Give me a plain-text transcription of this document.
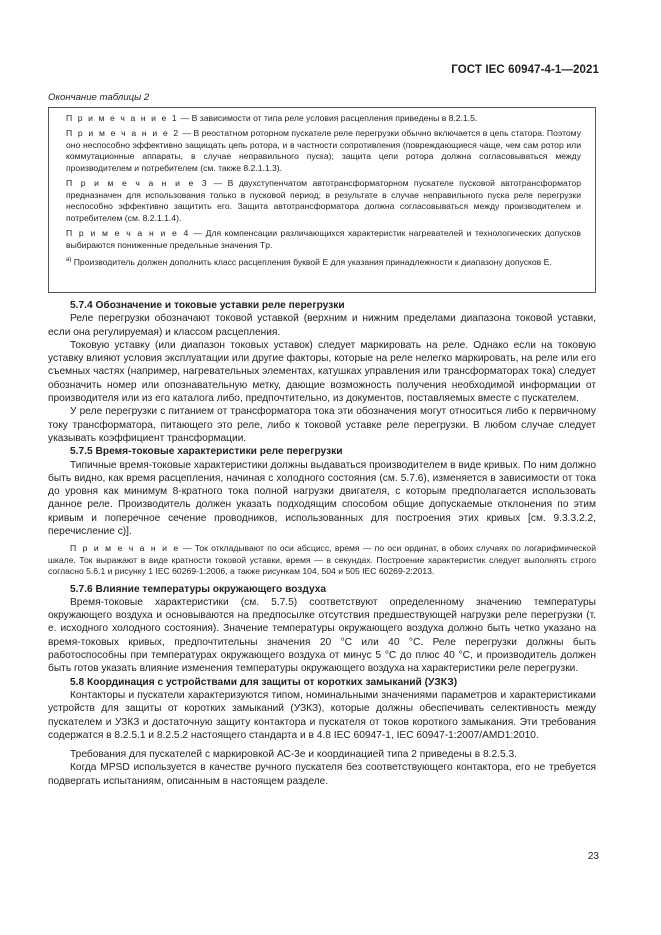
ГОСТ IEC 60947-4-1—2021
Окончание таблицы 2

П р и м е ч а н и е 1 — В зависимости от типа реле условия расцепления приведены в 8.2.1.5.

П р и м е ч а н и е 2 — В реостатном роторном пускателе реле перегрузки обычно включается в цепь статора. Поэтому оно неспособно эффективно защищать цепь ротора, и в частности сопротивления (повреждающиеся чаще, чем сам ротор или коммутационные аппараты, в случае неправильного пуска); защита цепи ротора должна согласовываться между производителем и потребителем (см. также 8.2.1.1.3).

П р и м е ч а н и е 3 — В двухступенчатом автотрансформаторном пускателе пусковой автотрансформатор предназначен для использования только в пусковой период; в результате в случае неправильного пуска реле перегрузки неспособно эффективно защитить его. Защита автотрансформатора должна согласовываться между производителем и потребителем (см. 8.2.1.1.4).

П р и м е ч а н и е 4 — Для компенсации различающихся характеристик нагревателей и технологических допусков выбираются пониженные предельные значения Tp.

$^{a)}$ Производитель должен дополнить класс расцепления буквой Е для указания принадлежности к диапазону допусков Е.

5.7.4 Обозначение и токовые уставки реле перегрузки

Реле перегрузки обозначают токовой уставкой (верхним и нижним пределами диапазона токовой уставки, если она регулируемая) и классом расцепления.

Токовую уставку (или диапазон токовых уставок) следует маркировать на реле. Однако если на токовую уставку влияют условия эксплуатации или другие факторы, которые на реле нелегко маркировать, на реле или его съемных частях (например, нагревательных элементах, катушках управления или трансформаторах тока) следует обозначить номер или опознавательную метку, дающие возможность получения необходимой информации от производителя или из его каталога либо, предпочтительно, из документов, поставляемых вместе с пускателем.

У реле перегрузки с питанием от трансформатора тока эти обозначения могут относиться либо к первичному току трансформатора, питающего это реле, либо к токовой уставке реле перегрузки. В любом случае следует указывать коэффициент трансформации.

5.7.5 Время-токовые характеристики реле перегрузки

Типичные время-токовые характеристики должны выдаваться производителем в виде кривых. По ним должно быть видно, как время расцепления, начиная с холодного состояния (см. 5.7.6), изменяется в зависимости от тока до уровня как минимум 8-кратного тока полной нагрузки двигателя, с которым предполагается использовать данное реле. Производитель должен указать подходящим способом общие допускаемые отклонения по этим кривым и поперечное сечение проводников, использованных для построения этих кривых [см. 9.3.3.2.2, перечисление c)].

П р и м е ч а н и е — Ток откладывают по оси абсцисс, время — по оси ординат, в обоих случаях по логарифмической шкале. Ток выражают в виде кратности токовой уставки, время — в секундах. Построение характеристик следует выполнять строго согласно 5.6.1 и рисунку 1 IEC 60269-1:2006, а также рисункам 104, 504 и 505 IEC 60269-2:2013.

5.7.6 Влияние температуры окружающего воздуха

Время-токовые характеристики (см. 5.7.5) соответствуют определенному значению температуры окружающего воздуха и основываются на предпосылке отсутствия предшествующей нагрузки реле перегрузки (т. е. исходного холодного состояния). Значение температуры окружающего воздуха должно быть четко указано на время-токовых кривых, предпочтительны значения 20 °С или 40 °С. Реле перегрузки должны быть работоспособны при температурах окружающего воздуха от минус 5 °С до плюс 40 °С, и производитель должен быть готов указать влияние изменения температуры окружающего воздуха на характеристики реле перегрузки.

5.8 Координация с устройствами для защиты от коротких замыканий (УЗКЗ)

Контакторы и пускатели характеризуются типом, номинальными значениями параметров и характеристиками устройств для защиты от коротких замыканий (УЗКЗ), которые должны обеспечивать селективность между пускателем и УЗКЗ и достаточную защиту контактора и пускателя от токов короткого замыкания. Эти требования содержатся в 8.2.5.1 и 8.2.5.2 настоящего стандарта и в 4.8 IEC 60947-1, IEC 60947-1:2007/AMD1:2010.

Требования для пускателей с маркировкой АС-3е и координацией типа 2 приведены в 8.2.5.3.

Когда MPSD используется в качестве ручного пускателя без соответствующего контактора, его не требуется подвергать испытаниям, описанным в настоящем разделе.

23
